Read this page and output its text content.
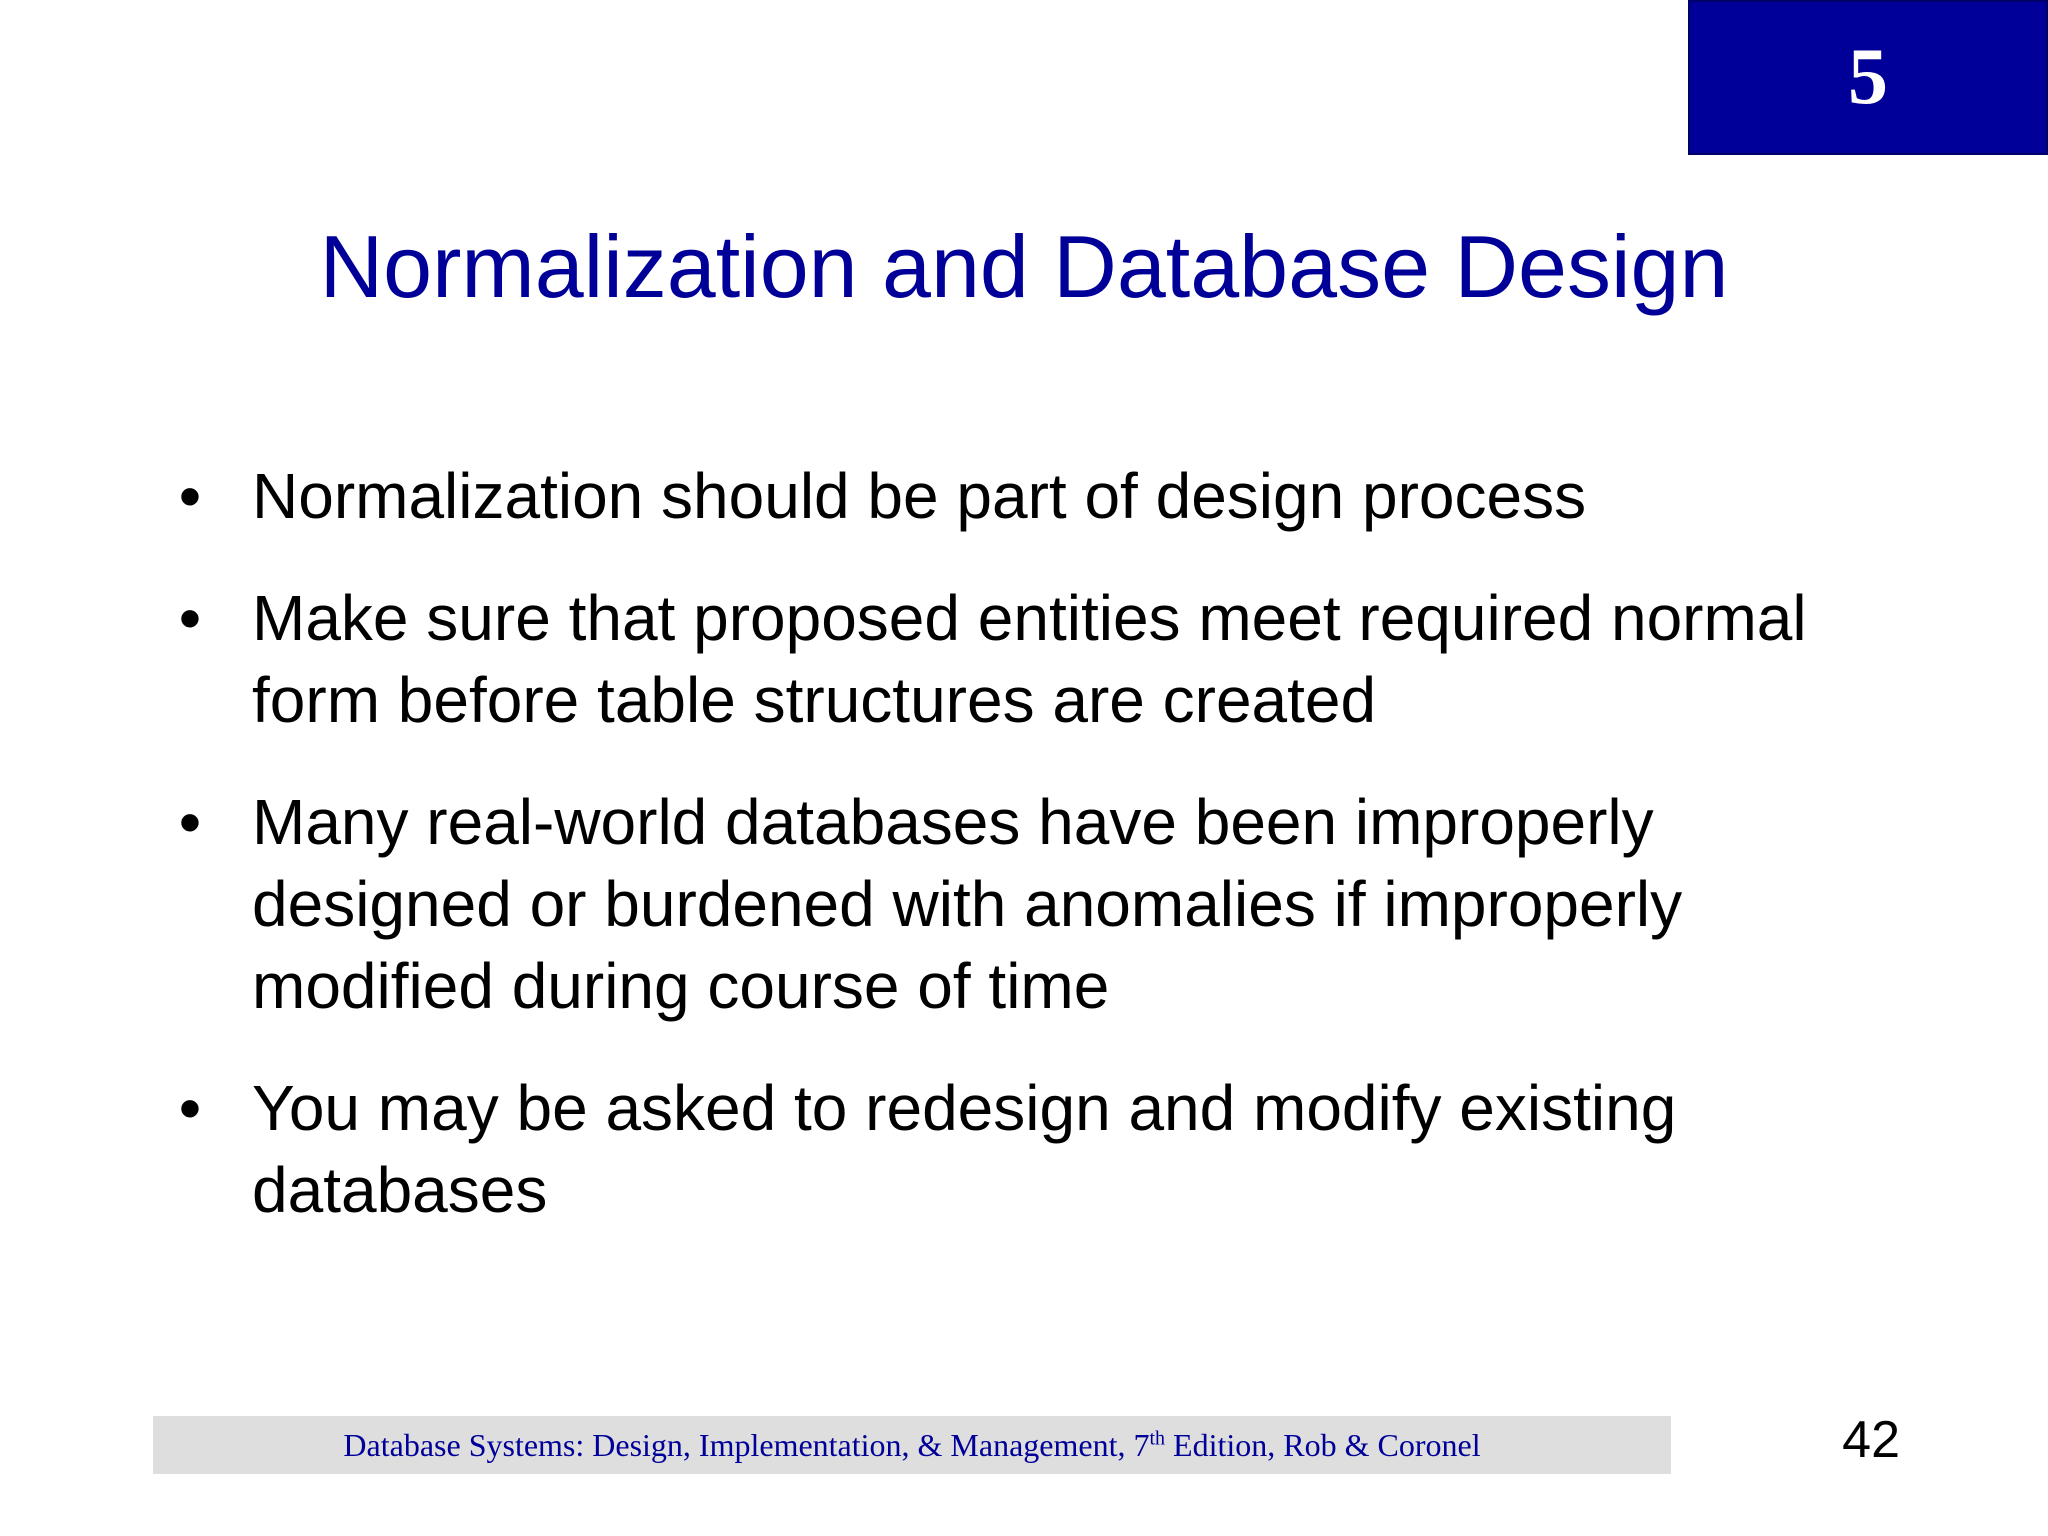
5
Normalization and Database Design
• Normalization should be part of design process
• Make sure that proposed entities meet required normal form before table structures are created
• Many real-world databases have been improperly designed or burdened with anomalies if improperly modified during course of time
• You may be asked to redesign and modify existing databases
Database Systems: Design, Implementation, & Management, 7th Edition, Rob & Coronel	42
